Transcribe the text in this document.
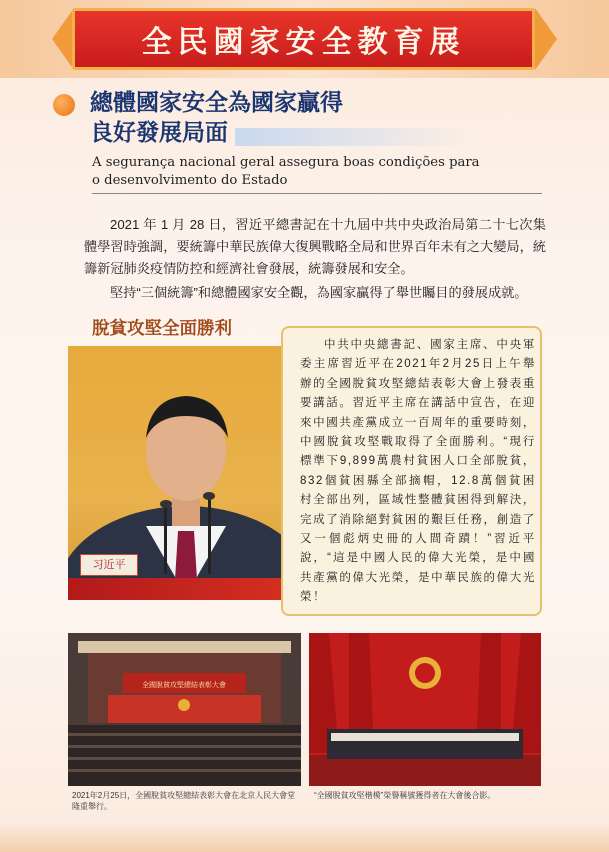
全民國家安全教育展
總體國家安全為國家贏得
良好發展局面
A segurança nacional geral assegura boas condições para
o desenvolvimento do Estado
2021 年 1 月 28 日，習近平總書記在十九屆中共中央政治局第二十七次集體學習時強調，要統籌中華民族偉大復興戰略全局和世界百年未有之大變局，統籌新冠肺炎疫情防控和經濟社會發展，統籌發展和安全。
堅持“三個統籌”和總體國家安全觀，為國家贏得了舉世矚目的發展成就。
脫貧攻堅全面勝利
习近平
中共中央總書記、國家主席、中央軍委主席習近平在2021年2月25日上午舉辦的全國脫貧攻堅總結表彰大會上發表重要講話。習近平主席在講話中宣告，在迎來中國共產黨成立一百周年的重要時刻，中國脫貧攻堅戰取得了全面勝利。“現行標準下9,899萬農村貧困人口全部脫貧，832個貧困縣全部摘帽，12.8萬個貧困村全部出列，區域性整體貧困得到解決，完成了消除絕對貧困的艱巨任務，創造了又一個彪炳史冊的人間奇蹟！”習近平說，“這是中國人民的偉大光榮，是中國共產黨的偉大光榮，是中華民族的偉大光榮！
全國脫貧攻堅總結表彰大會
2021年2月25日，全國脫貧攻堅總結表彰大會在北京人民大會堂隆重舉行。
“全國脫貧攻堅楷模”榮譽稱號獲得者在大會後合影。
